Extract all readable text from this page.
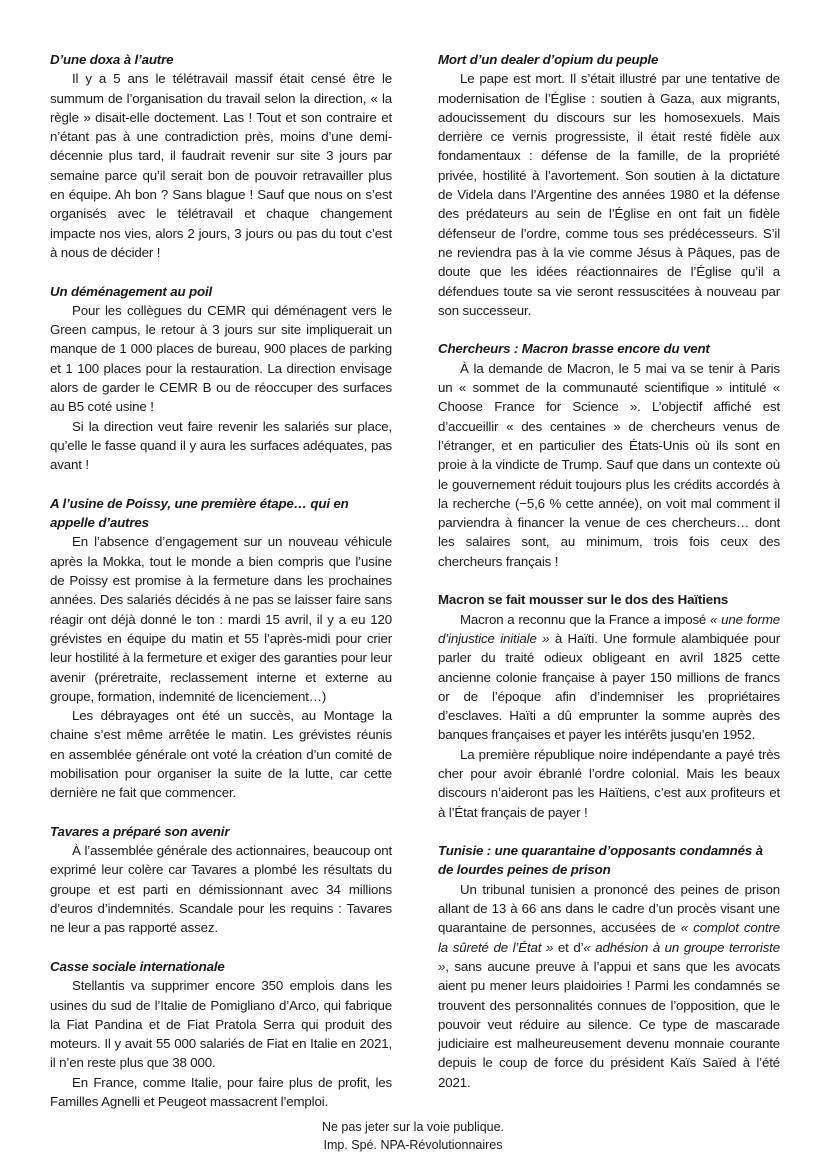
D’une doxa à l’autre

Il y a 5 ans le télétravail massif était censé être le summum de l’organisation du travail selon la direction, « la règle » disait-elle doctement. Las ! Tout et son contraire et n’étant pas à une contradiction près, moins d’une demi-décennie plus tard, il faudrait revenir sur site 3 jours par semaine parce qu’il serait bon de pouvoir retravailler plus en équipe. Ah bon ? Sans blague ! Sauf que nous on s’est organisés avec le télétravail et chaque changement impacte nos vies, alors 2 jours, 3 jours ou pas du tout c’est à nous de décider !

Un déménagement au poil

Pour les collègues du CEMR qui déménagent vers le Green campus, le retour à 3 jours sur site impliquerait un manque de 1 000 places de bureau, 900 places de parking et 1 100 places pour la restauration. La direction envisage alors de garder le CEMR B ou de réoccuper des surfaces au B5 coté usine !

Si la direction veut faire revenir les salariés sur place, qu’elle le fasse quand il y aura les surfaces adéquates, pas avant !

A l’usine de Poissy, une première étape… qui en appelle d’autres

En l’absence d’engagement sur un nouveau véhicule après la Mokka, tout le monde a bien compris que l’usine de Poissy est promise à la fermeture dans les prochaines années. Des salariés décidés à ne pas se laisser faire sans réagir ont déjà donné le ton : mardi 15 avril, il y a eu 120 grévistes en équipe du matin et 55 l’après-midi pour crier leur hostilité à la fermeture et exiger des garanties pour leur avenir (préretraite, reclassement interne et externe au groupe, formation, indemnité de licenciement…)

Les débrayages ont été un succès, au Montage la chaine s’est même arrêtée le matin. Les grévistes réunis en assemblée générale ont voté la création d’un comité de mobilisation pour organiser la suite de la lutte, car cette dernière ne fait que commencer.

Tavares a préparé son avenir

À l’assemblée générale des actionnaires, beaucoup ont exprimé leur colère car Tavares a plombé les résultats du groupe et est parti en démissionnant avec 34 millions d’euros d’indemnités. Scandale pour les requins : Tavares ne leur a pas rapporté assez.

Casse sociale internationale

Stellantis va supprimer encore 350 emplois dans les usines du sud de l’Italie de Pomigliano d’Arco, qui fabrique la Fiat Pandina et de Fiat Pratola Serra qui produit des moteurs. Il y avait 55 000 salariés de Fiat en Italie en 2021, il n’en reste plus que 38 000.

En France, comme Italie, pour faire plus de profit, les Familles Agnelli et Peugeot massacrent l’emploi.

Mort d’un dealer d’opium du peuple

Le pape est mort. Il s’était illustré par une tentative de modernisation de l’Église : soutien à Gaza, aux migrants, adoucissement du discours sur les homosexuels. Mais derrière ce vernis progressiste, il était resté fidèle aux fondamentaux : défense de la famille, de la propriété privée, hostilité à l’avortement. Son soutien à la dictature de Videla dans l’Argentine des années 1980 et la défense des prédateurs au sein de l’Église en ont fait un fidèle défenseur de l’ordre, comme tous ses prédécesseurs. S’il ne reviendra pas à la vie comme Jésus à Pâques, pas de doute que les idées réactionnaires de l’Église qu’il a défendues toute sa vie seront ressuscitées à nouveau par son successeur.

Chercheurs : Macron brasse encore du vent

À la demande de Macron, le 5 mai va se tenir à Paris un « sommet de la communauté scientifique » intitulé « Choose France for Science ». L’objectif affiché est d’accueillir « des centaines » de chercheurs venus de l’étranger, et en particulier des États-Unis où ils sont en proie à la vindicte de Trump. Sauf que dans un contexte où le gouvernement réduit toujours plus les crédits accordés à la recherche (−5,6 % cette année), on voit mal comment il parviendra à financer la venue de ces chercheurs… dont les salaires sont, au minimum, trois fois ceux des chercheurs français !

Macron se fait mousser sur le dos des Haïtiens

Macron a reconnu que la France a imposé « une forme d’injustice initiale » à Haïti. Une formule alambiquée pour parler du traité odieux obligeant en avril 1825 cette ancienne colonie française à payer 150 millions de francs or de l’époque afin d’indemniser les propriétaires d’esclaves. Haïti a dû emprunter la somme auprès des banques françaises et payer les intérêts jusqu’en 1952.

La première république noire indépendante a payé très cher pour avoir ébranlé l’ordre colonial. Mais les beaux discours n’aideront pas les Haïtiens, c’est aux profiteurs et à l’État français de payer !

Tunisie : une quarantaine d’opposants condamnés à de lourdes peines de prison

Un tribunal tunisien a prononcé des peines de prison allant de 13 à 66 ans dans le cadre d’un procès visant une quarantaine de personnes, accusées de « complot contre la sûreté de l’État » et d’« adhésion à un groupe terroriste », sans aucune preuve à l’appui et sans que les avocats aient pu mener leurs plaidoiries ! Parmi les condamnés se trouvent des personnalités connues de l’opposition, que le pouvoir veut réduire au silence. Ce type de mascarade judiciaire est malheureusement devenu monnaie courante depuis le coup de force du président Kaïs Saïed à l’été 2021.

Ne pas jeter sur la voie publique.
Imp. Spé. NPA-Révolutionnaires
